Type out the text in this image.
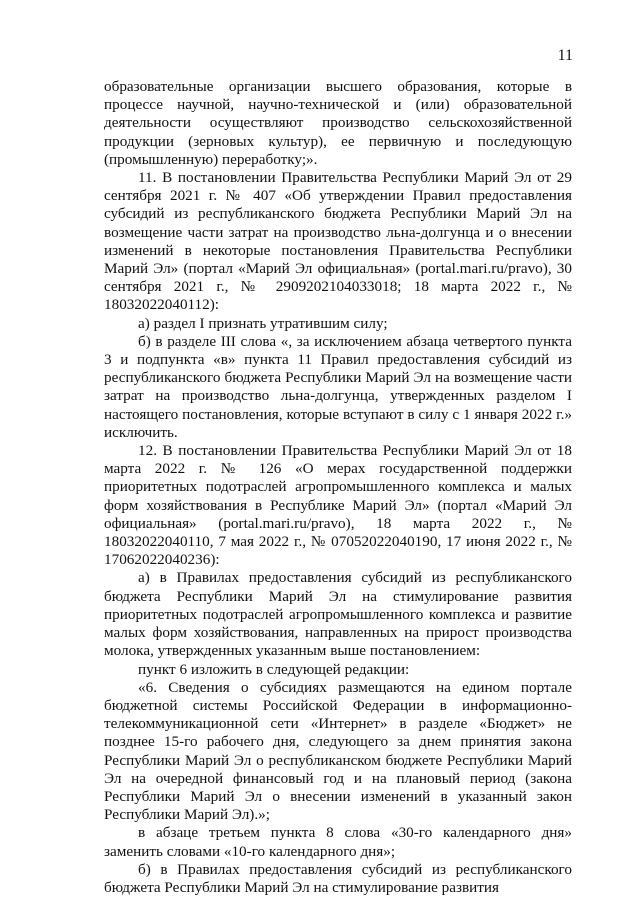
11

образовательные организации высшего образования, которые в процессе научной, научно-технической и (или) образовательной деятельности осуществляют производство сельскохозяйственной продукции (зерновых культур), ее первичную и последующую (промышленную) переработку;».

11. В постановлении Правительства Республики Марий Эл от 29 сентября 2021 г. № 407 «Об утверждении Правил предоставления субсидий из республиканского бюджета Республики Марий Эл на возмещение части затрат на производство льна-долгунца и о внесении изменений в некоторые постановления Правительства Республики Марий Эл» (портал «Марий Эл официальная» (portal.mari.ru/pravo), 30 сентября 2021 г., № 2909202104033018; 18 марта 2022 г., № 18032022040112):

а) раздел I признать утратившим силу;

б) в разделе III слова «, за исключением абзаца четвертого пункта 3 и подпункта «в» пункта 11 Правил предоставления субсидий из республиканского бюджета Республики Марий Эл на возмещение части затрат на производство льна-долгунца, утвержденных разделом I настоящего постановления, которые вступают в силу с 1 января 2022 г.» исключить.

12. В постановлении Правительства Республики Марий Эл от 18 марта 2022 г. № 126 «О мерах государственной поддержки приоритетных подотраслей агропромышленного комплекса и малых форм хозяйствования в Республике Марий Эл» (портал «Марий Эл официальная» (portal.mari.ru/pravo), 18 марта 2022 г., № 18032022040110, 7 мая 2022 г., № 07052022040190, 17 июня 2022 г., № 17062022040236):

а) в Правилах предоставления субсидий из республиканского бюджета Республики Марий Эл на стимулирование развития приоритетных подотраслей агропромышленного комплекса и развитие малых форм хозяйствования, направленных на прирост производства молока, утвержденных указанным выше постановлением:

пункт 6 изложить в следующей редакции:

«6. Сведения о субсидиях размещаются на едином портале бюджетной системы Российской Федерации в информационно-телекоммуникационной сети «Интернет» в разделе «Бюджет» не позднее 15-го рабочего дня, следующего за днем принятия закона Республики Марий Эл о республиканском бюджете Республики Марий Эл на очередной финансовый год и на плановый период (закона Республики Марий Эл о внесении изменений в указанный закон Республики Марий Эл).»;

в абзаце третьем пункта 8 слова «30-го календарного дня» заменить словами «10-го календарного дня»;

б) в Правилах предоставления субсидий из республиканского бюджета Республики Марий Эл на стимулирование развития
